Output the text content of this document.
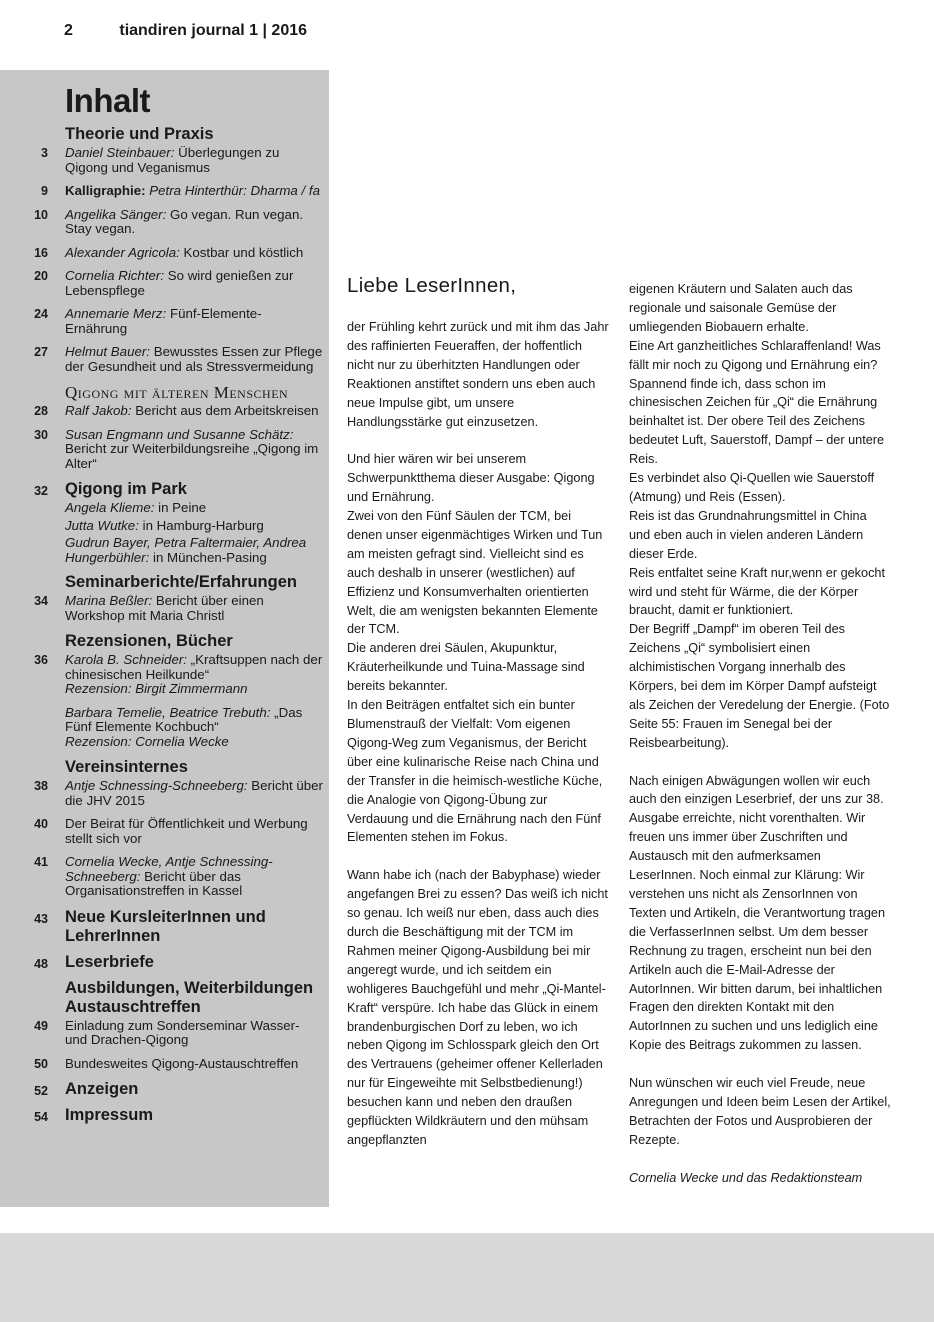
2	tiandiren journal 1 | 2016
Inhalt
Theorie und Praxis
3 Daniel Steinbauer: Überlegungen zu Qigong und Veganismus
9 Kalligraphie: Petra Hinterthür: Dharma / fa
10 Angelika Sänger: Go vegan. Run vegan. Stay vegan.
16 Alexander Agricola: Kostbar und köstlich
20 Cornelia Richter: So wird genießen zur Lebenspflege
24 Annemarie Merz: Fünf-Elemente-Ernährung
27 Helmut Bauer: Bewusstes Essen zur Pflege der Gesundheit und als Stressvermeidung
Qigong mit älteren Menschen
28 Ralf Jakob: Bericht aus dem Arbeitskreisen
30 Susan Engmann und Susanne Schätz: Bericht zur Weiterbildungsreihe „Qigong im Alter“
32 Qigong im Park
Angela Klieme: in Peine
Jutta Wutke: in Hamburg-Harburg
Gudrun Bayer, Petra Faltermaier, Andrea Hungerbühler: in München-Pasing
Seminarberichte/Erfahrungen
34 Marina Beßler: Bericht über einen Workshop mit Maria Christl
Rezensionen, Bücher
36 Karola B. Schneider: „Kraftsuppen nach der chinesischen Heilkunde“
Rezension: Birgit Zimmermann
Barbara Temelie, Beatrice Trebuth: „Das Fünf Elemente Kochbuch“
Rezension: Cornelia Wecke
Vereinsinternes
38 Antje Schnessing-Schneeberg: Bericht über die JHV 2015
40 Der Beirat für Öffentlichkeit und Werbung stellt sich vor
41 Cornelia Wecke, Antje Schnessing-Schneeberg: Bericht über das Organisationstreffen in Kassel
43 Neue KursleiterInnen und LehrerInnen
48 Leserbriefe
Ausbildungen, Weiterbildungen Austauschtreffen
49 Einladung zum Sonderseminar Wasser- und Drachen-Qigong
50 Bundesweites Qigong-Austauschtreffen
52 Anzeigen
54 Impressum
Liebe LeserInnen,

der Frühling kehrt zurück und mit ihm das Jahr des raffinierten Feueraffen, der hoffentlich nicht nur zu überhitzten Handlungen oder Reaktionen anstiftet sondern uns eben auch neue Impulse gibt, um unsere Handlungsstärke gut einzusetzen.

Und hier wären wir bei unserem Schwerpunktthema dieser Ausgabe: Qigong und Ernährung.

Zwei von den Fünf Säulen der TCM, bei denen unser eigenmächtiges Wirken und Tun am meisten gefragt sind. Vielleicht sind es auch deshalb in unserer (westlichen) auf Effizienz und Konsumverhalten orientierten Welt, die am wenigsten bekannten Elemente der TCM.

Die anderen drei Säulen, Akupunktur, Kräuterheilkunde und Tuina-Massage sind bereits bekannter.

In den Beiträgen entfaltet sich ein bunter Blumenstrauß der Vielfalt: Vom eigenen Qigong-Weg zum Veganismus, der Bericht über eine kulinarische Reise nach China und der Transfer in die heimisch-westliche Küche, die Analogie von Qigong-Übung zur Verdauung und die Ernährung nach den Fünf Elementen stehen im Fokus.

Wann habe ich (nach der Babyphase) wieder angefangen Brei zu essen? Das weiß ich nicht so genau. Ich weiß nur eben, dass auch dies durch die Beschäftigung mit der TCM im Rahmen meiner Qigong-Ausbildung bei mir angeregt wurde, und ich seitdem ein wohligeres Bauchgefühl und mehr „Qi-Mantel-Kraft“ verspüre. Ich habe das Glück in einem brandenburgischen Dorf zu leben, wo ich neben Qigong im Schlosspark gleich den Ort des Vertrauens (geheimer offener Kellerladen nur für Eingeweihte mit Selbstbedienung!) besuchen kann und neben den draußen gepflückten Wildkräutern und den mühsam angepflanzten

eigenen Kräutern und Salaten auch das regionale und saisonale Gemüse der umliegenden Biobauern erhalte.

Eine Art ganzheitliches Schlaraffenland! Was fällt mir noch zu Qigong und Ernährung ein? Spannend finde ich, dass schon im chinesischen Zeichen für „Qi“ die Ernährung beinhaltet ist. Der obere Teil des Zeichens bedeutet Luft, Sauerstoff, Dampf – der untere Reis.

Es verbindet also Qi-Quellen wie Sauerstoff (Atmung) und Reis (Essen).

Reis ist das Grundnahrungsmittel in China und eben auch in vielen anderen Ländern dieser Erde.

Reis entfaltet seine Kraft nur,wenn er gekocht wird und steht für Wärme, die der Körper braucht, damit er funktioniert.

Der Begriff „Dampf“ im oberen Teil des Zeichens „Qi“ symbolisiert einen alchimistischen Vorgang innerhalb des Körpers, bei dem im Körper Dampf aufsteigt als Zeichen der Veredelung der Energie. (Foto Seite 55: Frauen im Senegal bei der Reisbearbeitung).

Nach einigen Abwägungen wollen wir euch auch den einzigen Leserbrief, der uns zur 38. Ausgabe erreichte, nicht vorenthalten. Wir freuen uns immer über Zuschriften und Austausch mit den aufmerksamen LeserInnen. Noch einmal zur Klärung: Wir verstehen uns nicht als ZensorInnen von Texten und Artikeln, die Verantwortung tragen die VerfasserInnen selbst. Um dem besser Rechnung zu tragen, erscheint nun bei den Artikeln auch die E-Mail-Adresse der AutorInnen. Wir bitten darum, bei inhaltlichen Fragen den direkten Kontakt mit den AutorInnen zu suchen und uns lediglich eine Kopie des Beitrags zukommen zu lassen.

Nun wünschen wir euch viel Freude, neue Anregungen und Ideen beim Lesen der Artikel, Betrachten der Fotos und Ausprobieren der Rezepte.

Cornelia Wecke und das Redaktionsteam
